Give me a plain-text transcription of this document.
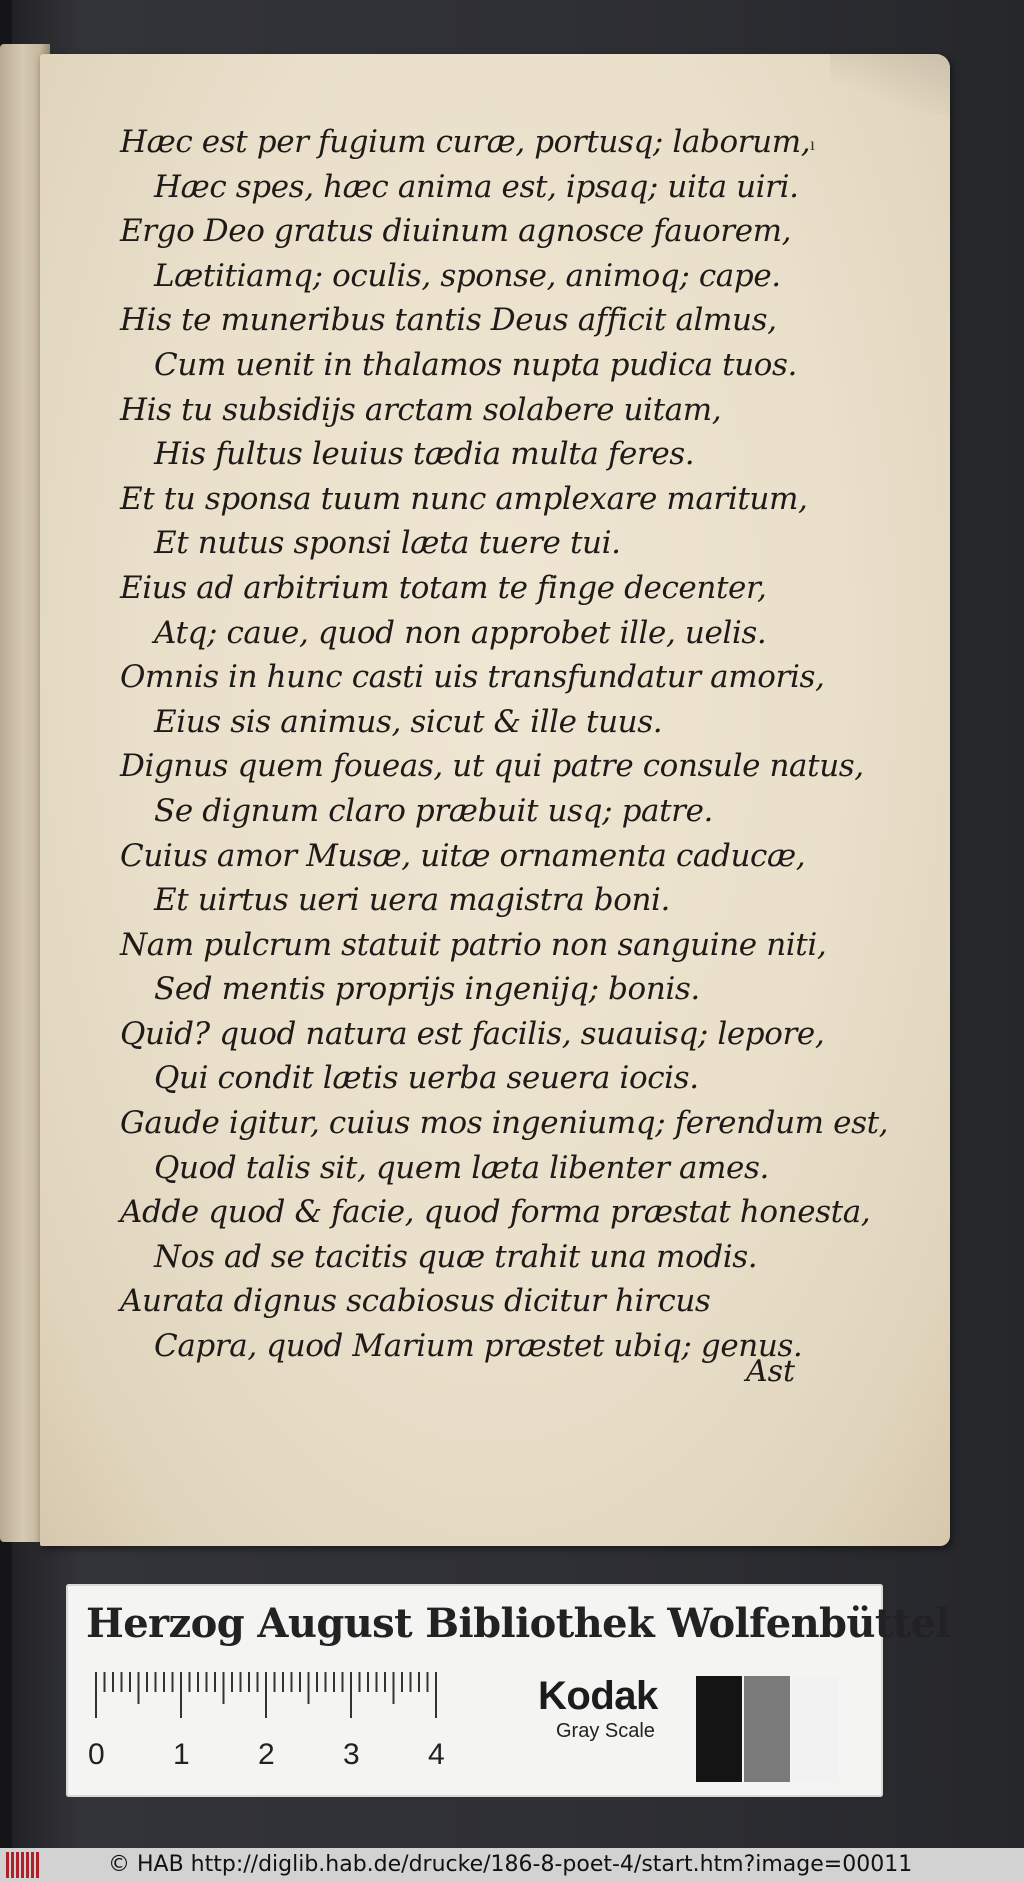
ı
Hæc est per fugium curæ, portusq; laborum,
Hæc spes, hæc anima est, ipsaq; uita uiri.
Ergo Deo gratus diuinum agnosce fauorem,
Lætitiamq; oculis, sponse, animoq; cape.
His te muneribus tantis Deus afficit almus,
Cum uenit in thalamos nupta pudica tuos.
His tu subsidijs arctam solabere uitam,
His fultus leuius tædia multa feres.
Et tu sponsa tuum nunc amplexare maritum,
Et nutus sponsi læta tuere tui.
Eius ad arbitrium totam te finge decenter,
Atq; caue, quod non approbet ille, uelis.
Omnis in hunc casti uis transfundatur amoris,
Eius sis animus, sicut & ille tuus.
Dignus quem foueas, ut qui patre consule natus,
Se dignum claro præbuit usq; patre.
Cuius amor Musæ, uitæ ornamenta caducæ,
Et uirtus ueri uera magistra boni.
Nam pulcrum statuit patrio non sanguine niti,
Sed mentis proprijs ingenijq; bonis.
Quid? quod natura est facilis, suauisq; lepore,
Qui condit lætis uerba seuera iocis.
Gaude igitur, cuius mos ingeniumq; ferendum est,
Quod talis sit, quem læta libenter ames.
Adde quod & facie, quod forma præstat honesta,
Nos ad se tacitis quæ trahit una modis.
Aurata dignus scabiosus dicitur hircus
Capra, quod Marium præstet ubiq; genus.
Ast
Herzog August Bibliothek Wolfenbüttel
0 1 2 3 4
Kodak
Gray Scale
© HAB http://diglib.hab.de/drucke/186-8-poet-4/start.htm?image=00011
